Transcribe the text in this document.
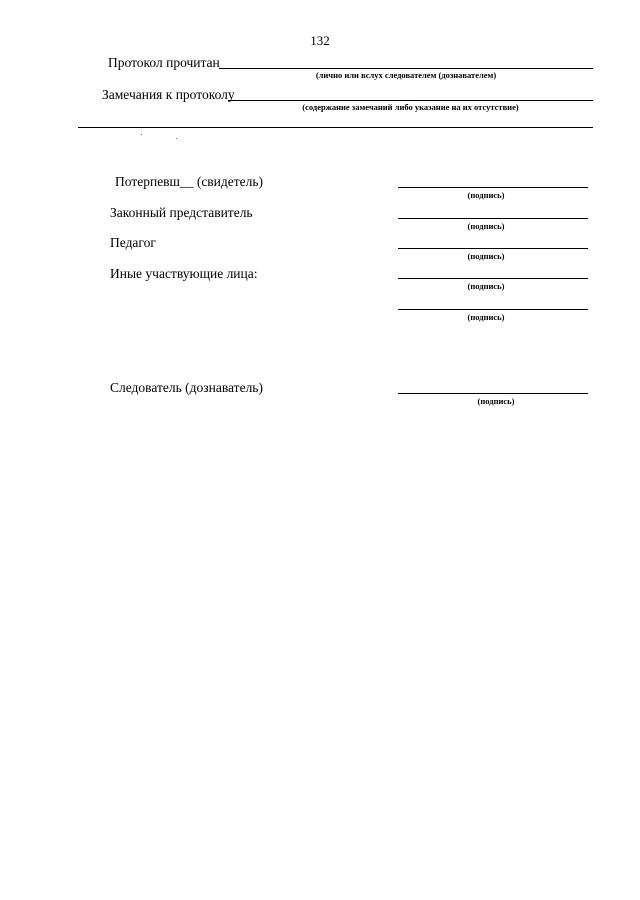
132
Протокол прочитан
(лично или вслух следователем (дознавателем)
Замечания к протоколу
(содержание замечаний либо указание на их отсутствие)
Потерпевш__ (свидетель)
(подпись)
Законный представитель
(подпись)
Педагог
(подпись)
Иные участвующие лица:
(подпись)
(подпись)
Следователь (дознаватель)
(подпись)
